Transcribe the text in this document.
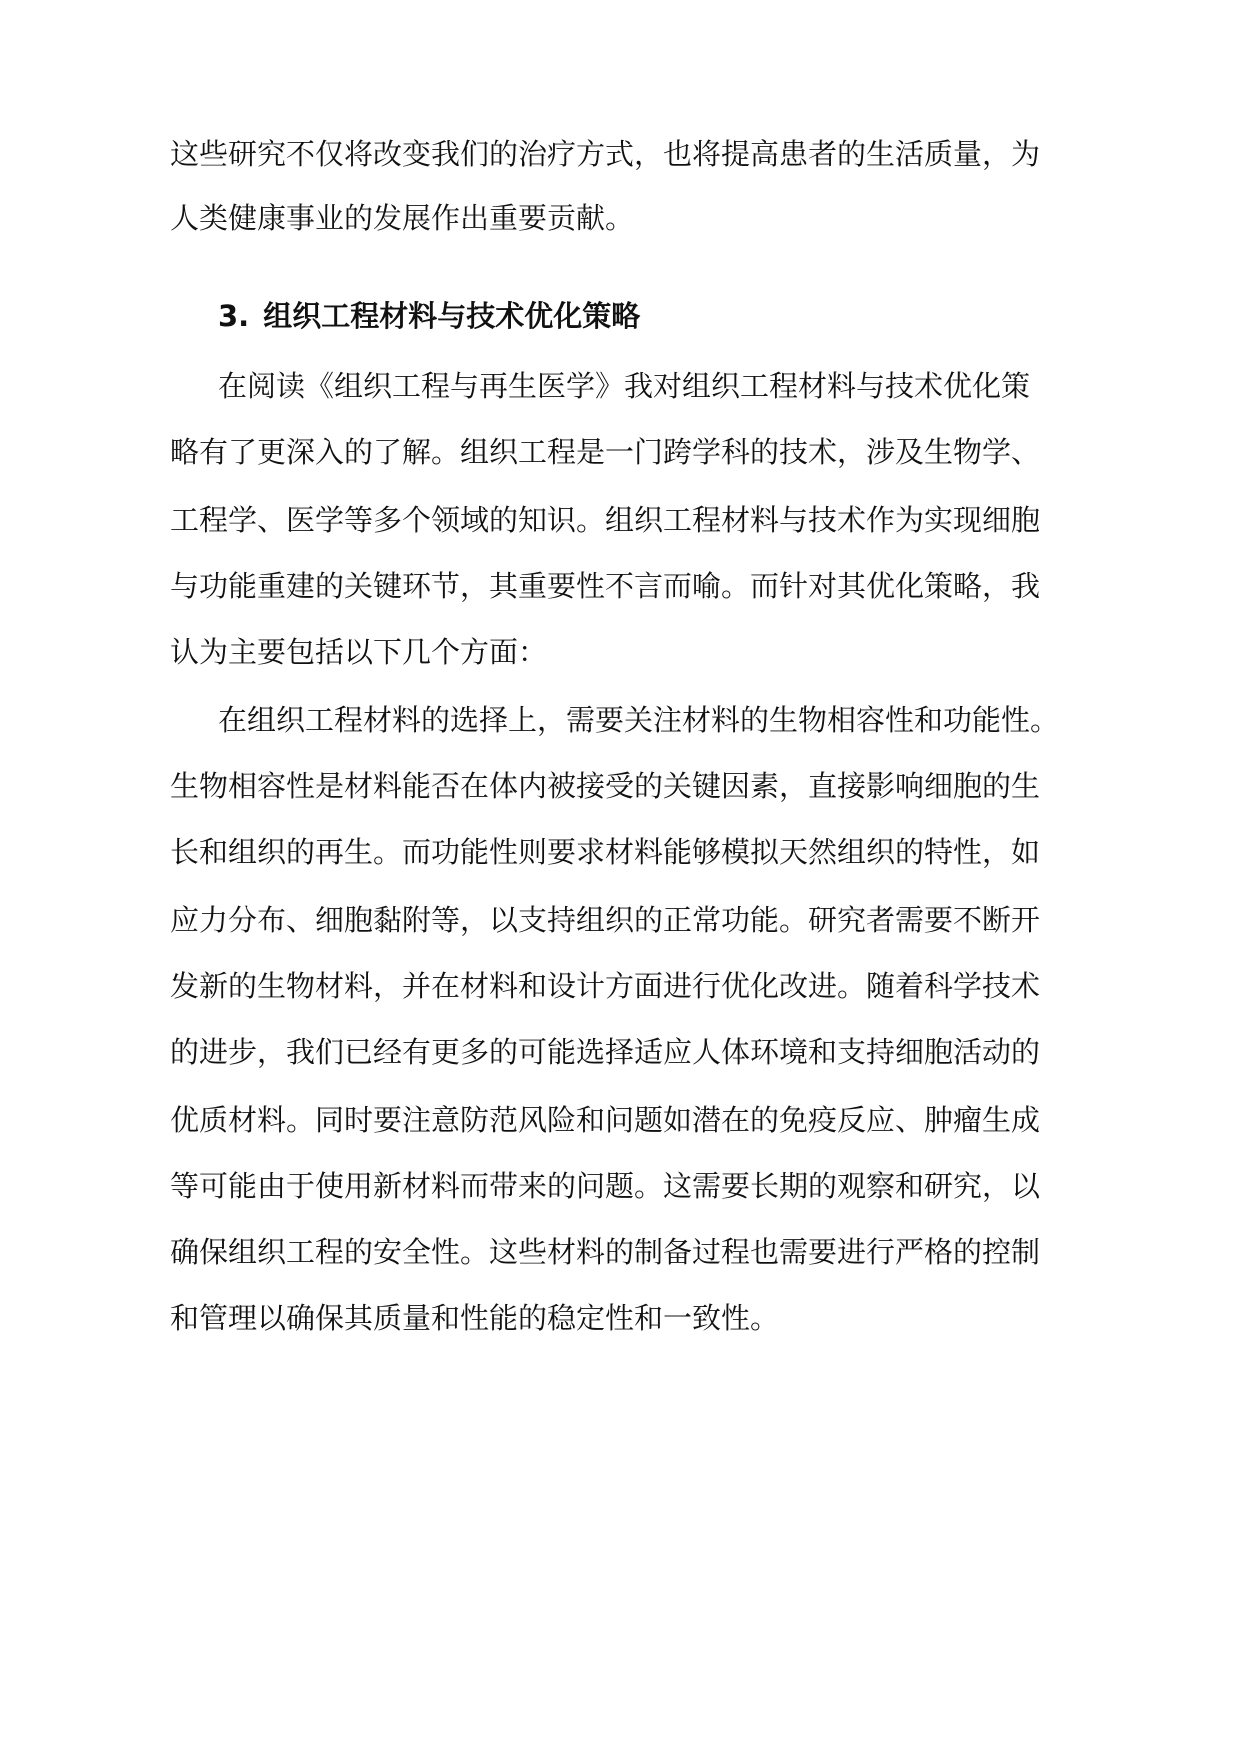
这些研究不仅将改变我们的治疗方式，也将提高患者的生活质量，为

人类健康事业的发展作出重要贡献。

3. 组织工程材料与技术优化策略

在阅读《组织工程与再生医学》我对组织工程材料与技术优化策

略有了更深入的了解。组织工程是一门跨学科的技术，涉及生物学、

工程学、医学等多个领域的知识。组织工程材料与技术作为实现细胞

与功能重建的关键环节，其重要性不言而喻。而针对其优化策略，我

认为主要包括以下几个方面：

在组织工程材料的选择上，需要关注材料的生物相容性和功能性。

生物相容性是材料能否在体内被接受的关键因素，直接影响细胞的生

长和组织的再生。而功能性则要求材料能够模拟天然组织的特性，如

应力分布、细胞黏附等，以支持组织的正常功能。研究者需要不断开

发新的生物材料，并在材料和设计方面进行优化改进。随着科学技术

的进步，我们已经有更多的可能选择适应人体环境和支持细胞活动的

优质材料。同时要注意防范风险和问题如潜在的免疫反应、肿瘤生成

等可能由于使用新材料而带来的问题。这需要长期的观察和研究，以

确保组织工程的安全性。这些材料的制备过程也需要进行严格的控制

和管理以确保其质量和性能的稳定性和一致性。
